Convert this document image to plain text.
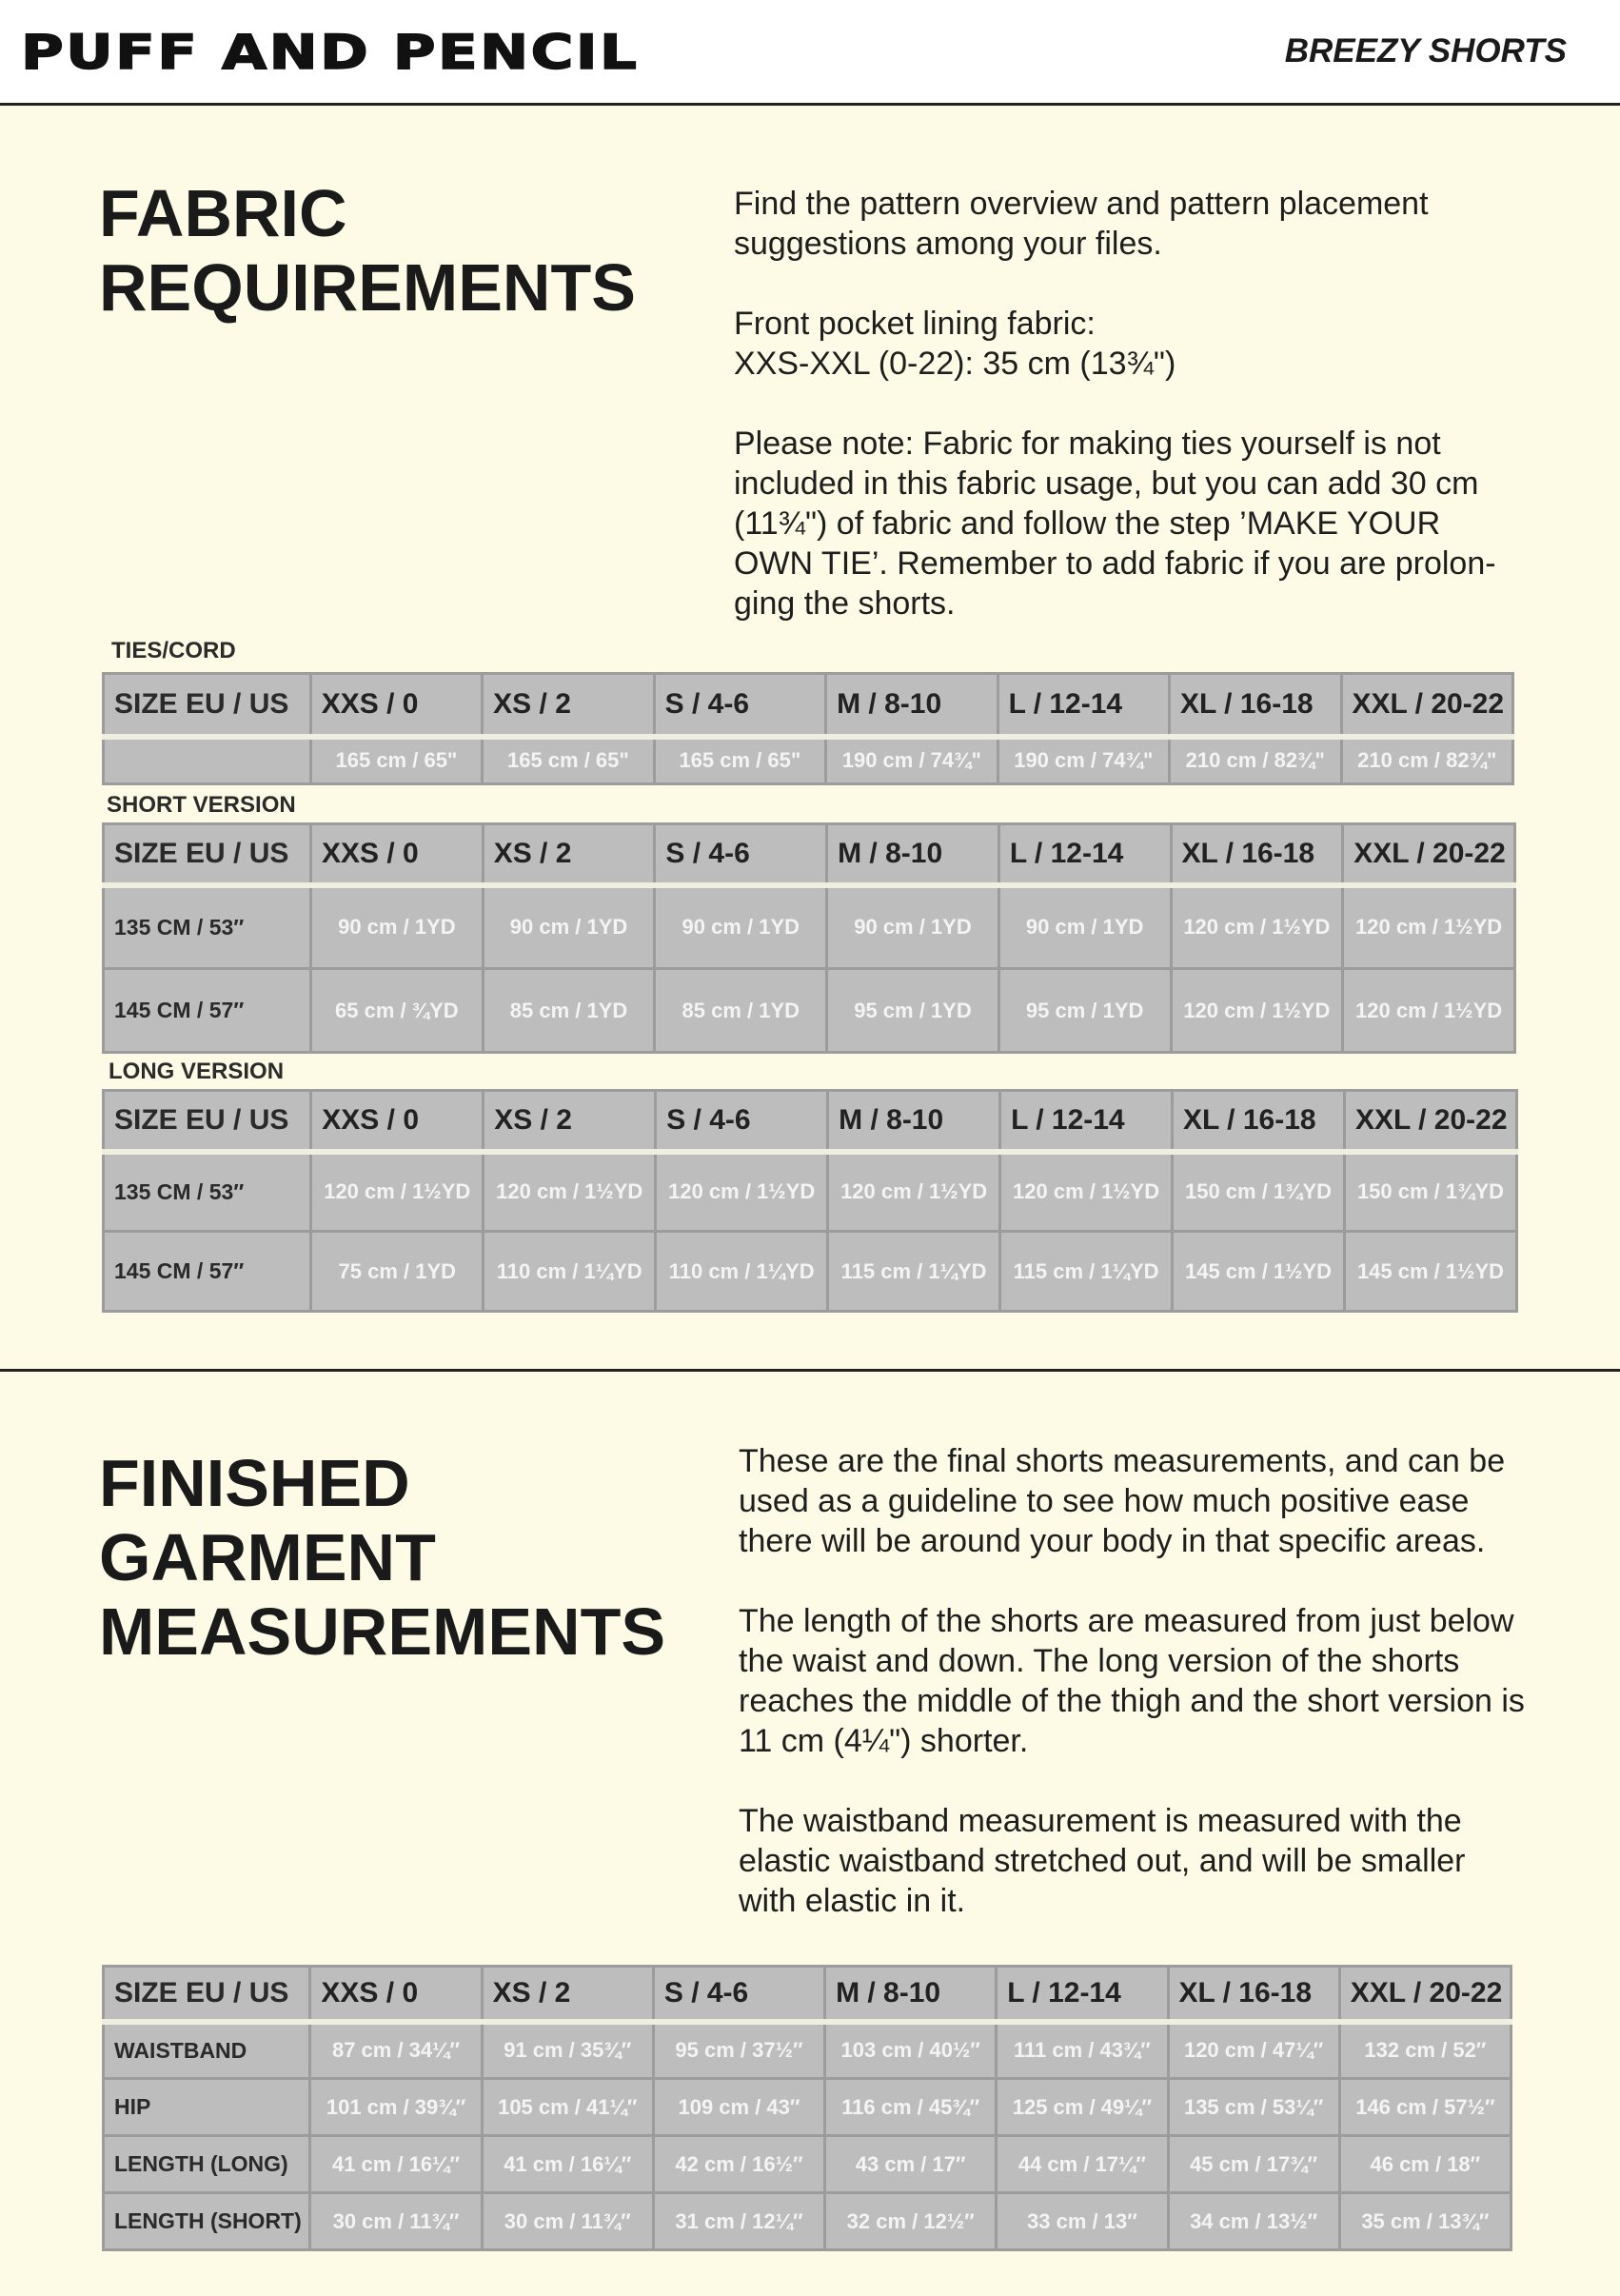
PUFF AND PENCIL	BREEZY SHORTS
FABRIC
REQUIREMENTS

Find the pattern overview and pattern placement suggestions among your files.

Front pocket lining fabric:
XXS-XXL (0-22): 35 cm (13¾")

Please note: Fabric for making ties yourself is not included in this fabric usage, but you can add 30 cm (11¾") of fabric and follow the step ’MAKE YOUR OWN TIE’. Remember to add fabric if you are prolon-ging the shorts.

TIES/CORD
SIZE EU / US	XXS / 0	XS / 2	S / 4-6	M / 8-10	L / 12-14	XL / 16-18	XXL / 20-22
	165 cm / 65"	165 cm / 65"	165 cm / 65"	190 cm / 74¾"	190 cm / 74¾"	210 cm / 82¾"	210 cm / 82¾"
SHORT VERSION
SIZE EU / US	XXS / 0	XS / 2	S / 4-6	M / 8-10	L / 12-14	XL / 16-18	XXL / 20-22
135 CM / 53″	90 cm / 1YD	90 cm / 1YD	90 cm / 1YD	90 cm / 1YD	90 cm / 1YD	120 cm / 1½YD	120 cm / 1½YD
145 CM / 57″	65 cm / ¾YD	85 cm / 1YD	85 cm / 1YD	95 cm / 1YD	95 cm / 1YD	120 cm / 1½YD	120 cm / 1½YD
LONG VERSION
SIZE EU / US	XXS / 0	XS / 2	S / 4-6	M / 8-10	L / 12-14	XL / 16-18	XXL / 20-22
135 CM / 53″	120 cm / 1½YD	120 cm / 1½YD	120 cm / 1½YD	120 cm / 1½YD	120 cm / 1½YD	150 cm / 1¾YD	150 cm / 1¾YD
145 CM / 57″	75 cm / 1YD	110 cm / 1¼YD	110 cm / 1¼YD	115 cm / 1¼YD	115 cm / 1¼YD	145 cm / 1½YD	145 cm / 1½YD
FINISHED
GARMENT
MEASUREMENTS

These are the final shorts measurements, and can be used as a guideline to see how much positive ease there will be around your body in that specific areas.

The length of the shorts are measured from just below the waist and down. The long version of the shorts reaches the middle of the thigh and the short version is 11 cm (4¼") shorter.

The waistband measurement is measured with the elastic waistband stretched out, and will be smaller with elastic in it.

SIZE EU / US	XXS / 0	XS / 2	S / 4-6	M / 8-10	L / 12-14	XL / 16-18	XXL / 20-22
WAISTBAND	87 cm / 34¼″	91 cm / 35¾″	95 cm / 37½″	103 cm / 40½″	111 cm / 43¾″	120 cm / 47¼″	132 cm / 52″
HIP	101 cm / 39¾″	105 cm / 41¼″	109 cm / 43″	116 cm / 45¾″	125 cm / 49¼″	135 cm / 53¼″	146 cm / 57½″
LENGTH (LONG)	41 cm / 16¼″	41 cm / 16¼″	42 cm / 16½″	43 cm / 17″	44 cm / 17¼″	45 cm / 17¾″	46 cm / 18″
LENGTH (SHORT)	30 cm / 11¾″	30 cm / 11¾″	31 cm / 12¼″	32 cm / 12½″	33 cm / 13″	34 cm / 13½″	35 cm / 13¾″
